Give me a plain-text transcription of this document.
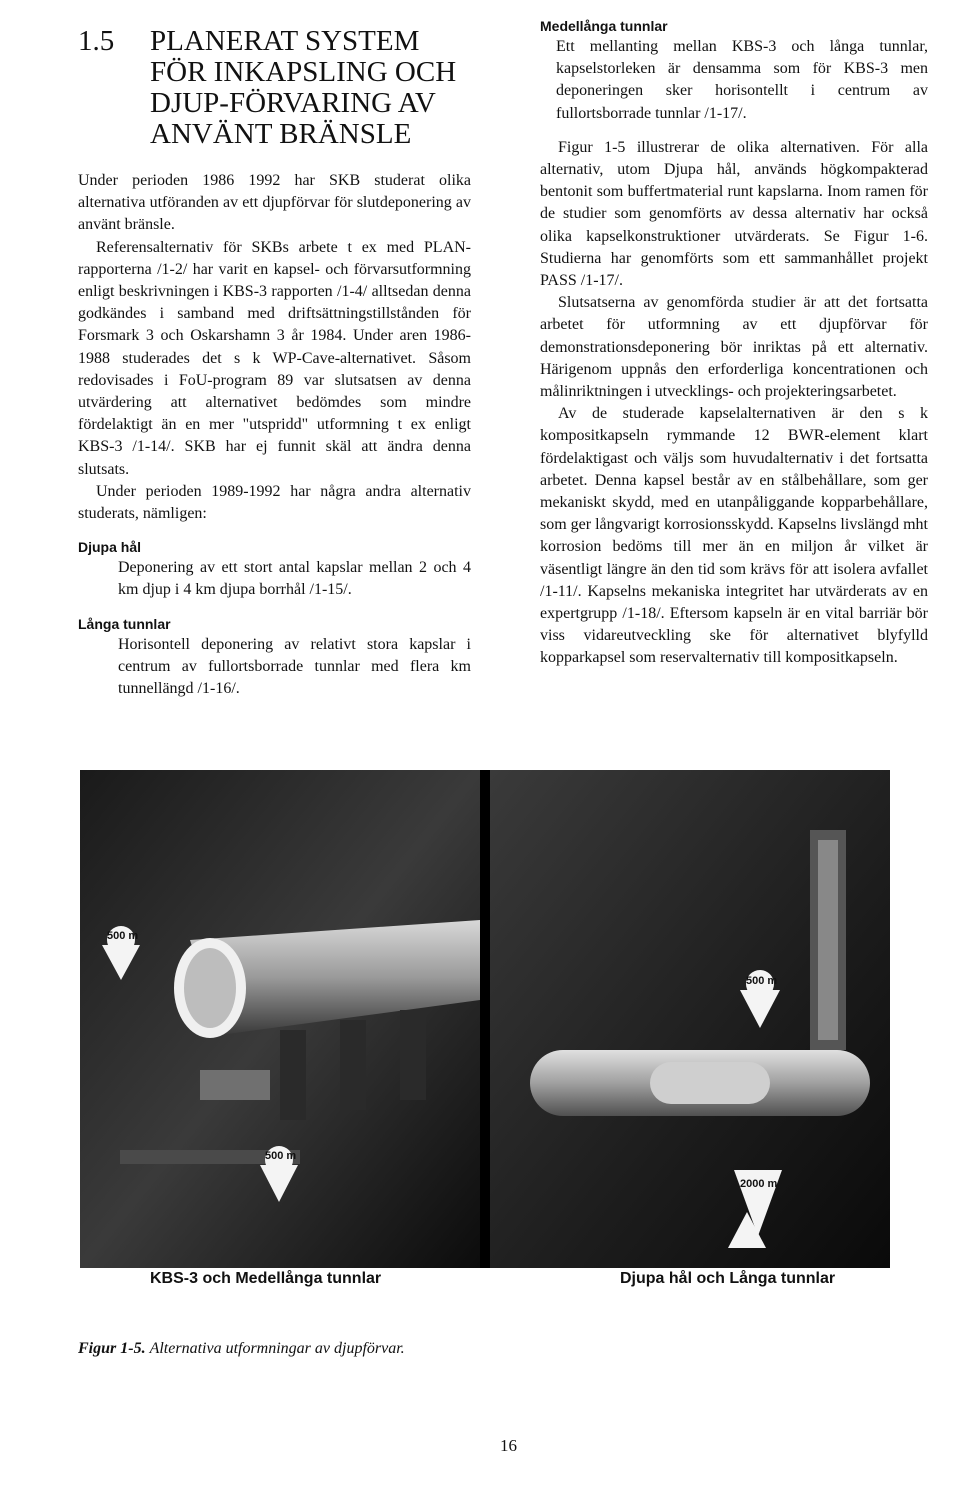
1.5	PLANERAT SYSTEM FÖR INKAPSLING OCH DJUP-FÖRVARING AV ANVÄNT BRÄNSLE

Under perioden 1986 1992 har SKB studerat olika alternativa utföranden av ett djupförvar för slutdeponering av använt bränsle.

Referensalternativ för SKBs arbete t ex med PLAN-rapporterna /1-2/ har varit en kapsel- och förvarsutformning enligt beskrivningen i KBS-3 rapporten /1-4/ alltsedan denna godkändes i samband med driftsättningstillstånden för Forsmark 3 och Oskarshamn 3 år 1984. Under aren 1986-1988 studerades det s k WP-Cave-alternativet. Såsom redovisades i FoU-program 89 var slutsatsen av denna utvärdering att alternativet bedömdes som mindre fördelaktigt än en mer "utspridd" utformning t ex enligt KBS-3 /1-14/. SKB har ej funnit skäl att ändra denna slutsats.

Under perioden 1989-1992 har några andra alternativ studerats, nämligen:

Djupa hål

Deponering av ett stort antal kapslar mellan 2 och 4 km djup i 4 km djupa borrhål /1-15/.

Långa tunnlar

Horisontell deponering av relativt stora kapslar i centrum av fullortsborrade tunnlar med flera km tunnellängd /1-16/.

Medellånga tunnlar

Ett mellanting mellan KBS-3 och långa tunnlar, kapselstorleken är densamma som för KBS-3 men deponeringen sker horisontellt i centrum av fullortsborrade tunnlar /1-17/.

Figur 1-5 illustrerar de olika alternativen. För alla alternativ, utom Djupa hål, används högkompakterad bentonit som buffertmaterial runt kapslarna. Inom ramen för de studier som genomförts av dessa alternativ har också olika kapselkonstruktioner utvärderats. Se Figur 1-6. Studierna har genomförts som ett sammanhållet projekt PASS /1-17/.

Slutsatserna av genomförda studier är att det fortsatta arbetet för utformning av ett djupförvar för demonstrationsdeponering bör inriktas på ett alternativ. Härigenom uppnås den erforderliga koncentrationen och målinriktningen i utvecklings- och projekteringsarbetet.

Av de studerade kapselalternativen är den s k kompositkapseln rymmande 12 BWR-element klart fördelaktigast och väljs som huvudalternativ i det fortsatta arbetet. Denna kapsel består av en stålbehållare, som ger mekaniskt skydd, med en utanpåliggande kopparbehållare, som ger långvarigt korrosionsskydd. Kapselns livslängd mht korrosion bedöms till mer än en miljon år vilket är väsentligt längre än den tid som krävs för att isolera avfallet /1-11/. Kapselns mekaniska integritet har utvärderats av en expertgrupp /1-18/. Eftersom kapseln är en vital barriär bör viss vidareutveckling ske för alternativet blyfylld kopparkapsel som reservalternativ till kompositkapseln.

500 m
500 m
500 m
2000 m
KBS-3 och Medellånga tunnlar	Djupa hål och Långa tunnlar
Figur 1-5. Alternativa utformningar av djupförvar.
16
